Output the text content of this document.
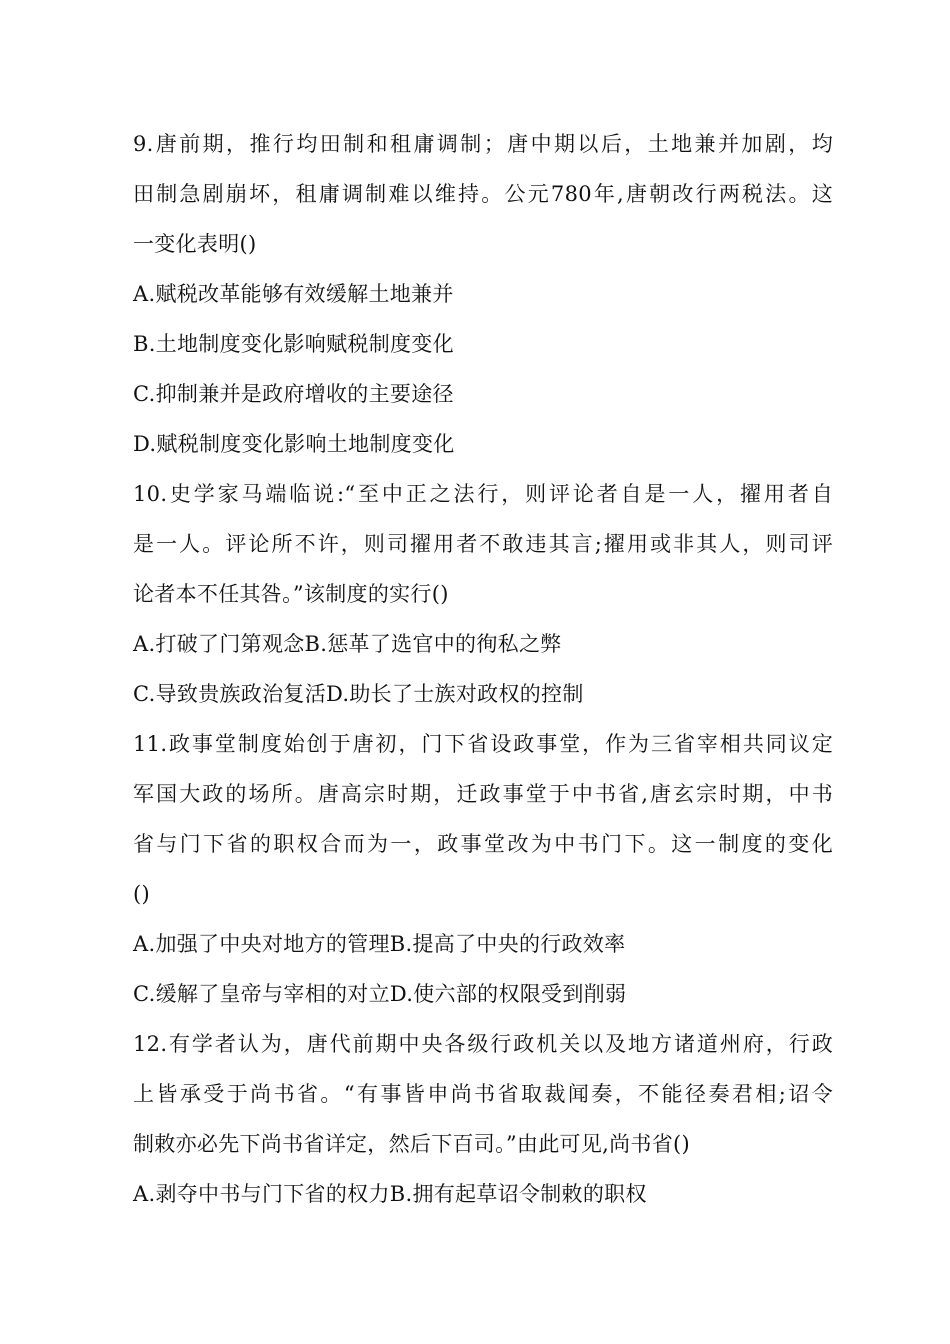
9.唐前期，推行均田制和租庸调制；唐中期以后，土地兼并加剧，均
田制急剧崩坏，租庸调制难以维持。公元780年,唐朝改行两税法。这
一变化表明()
A.赋税改革能够有效缓解土地兼并
B.土地制度变化影响赋税制度变化
C.抑制兼并是政府增收的主要途径
D.赋税制度变化影响土地制度变化
10.史学家马端临说:“至中正之法行，则评论者自是一人，擢用者自
是一人。评论所不许，则司擢用者不敢违其言;擢用或非其人，则司评
论者本不任其咎。”该制度的实行()
A.打破了门第观念B.惩革了选官中的徇私之弊
C.导致贵族政治复活D.助长了士族对政权的控制
11.政事堂制度始创于唐初，门下省设政事堂，作为三省宰相共同议定
军国大政的场所。唐高宗时期，迁政事堂于中书省,唐玄宗时期，中书
省与门下省的职权合而为一，政事堂改为中书门下。这一制度的变化
()
A.加强了中央对地方的管理B.提高了中央的行政效率
C.缓解了皇帝与宰相的对立D.使六部的权限受到削弱
12.有学者认为，唐代前期中央各级行政机关以及地方诸道州府，行政
上皆承受于尚书省。“有事皆申尚书省取裁闻奏，不能径奏君相;诏令
制敕亦必先下尚书省详定，然后下百司。”由此可见,尚书省()
A.剥夺中书与门下省的权力B.拥有起草诏令制敕的职权
